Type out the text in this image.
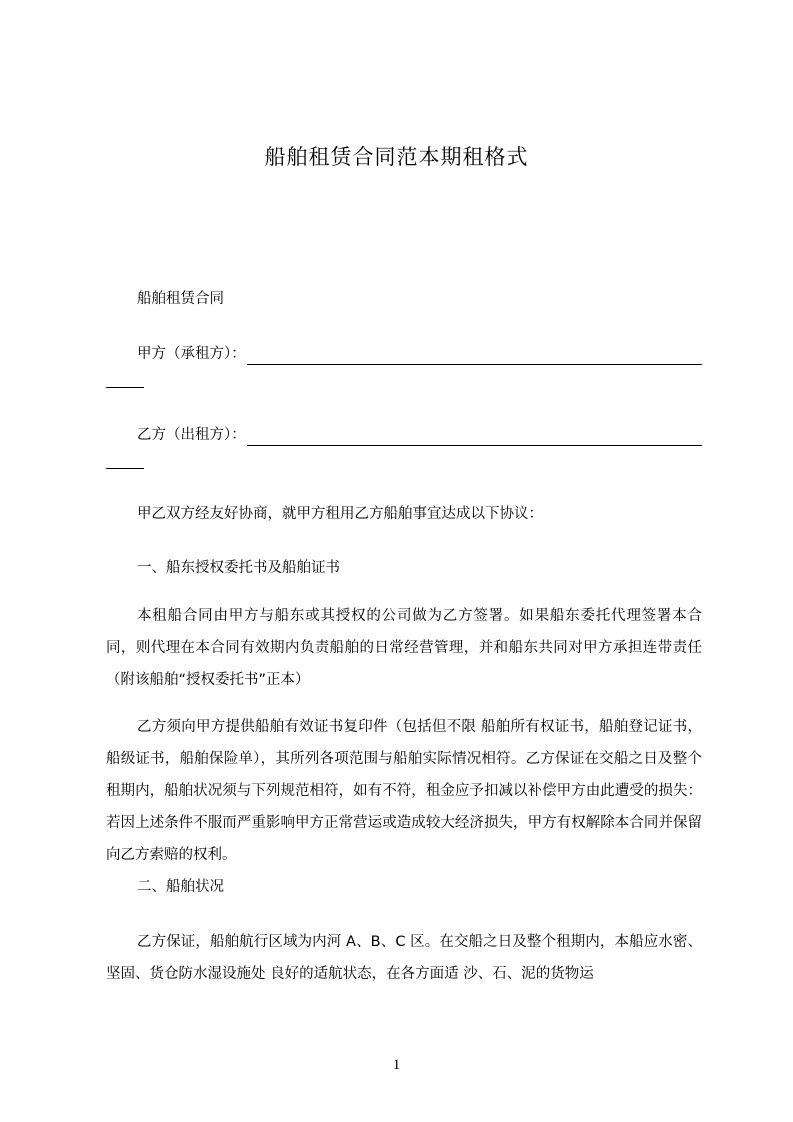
船舶租赁合同范本期租格式
船舶租赁合同
甲方（承租方）：
乙方（出租方）：
甲乙双方经友好协商，就甲方租用乙方船舶事宜达成以下协议：
一、船东授权委托书及船舶证书
本租船合同由甲方与船东或其授权的公司做为乙方签署。如果船东委托代理签署本合同，则代理在本合同有效期内负责船舶的日常经营管理，并和船东共同对甲方承担连带责任（附该船舶“授权委托书”正本）
乙方须向甲方提供船舶有效证书复印件（包括但不限 船舶所有权证书，船舶登记证书，船级证书，船舶保险单），其所列各项范围与船舶实际情况相符。乙方保证在交船之日及整个租期内，船舶状况须与下列规范相符，如有不符，租金应予扣减以补偿甲方由此遭受的损失：若因上述条件不服而严重影响甲方正常营运或造成较大经济损失，甲方有权解除本合同并保留向乙方索赔的权利。
二、船舶状况
乙方保证，船舶航行区域为内河 A、B、C 区。在交船之日及整个租期内，本船应水密、坚固、货仓防水湿设施处 良好的适航状态，在各方面适 沙、石、泥的货物运
1
